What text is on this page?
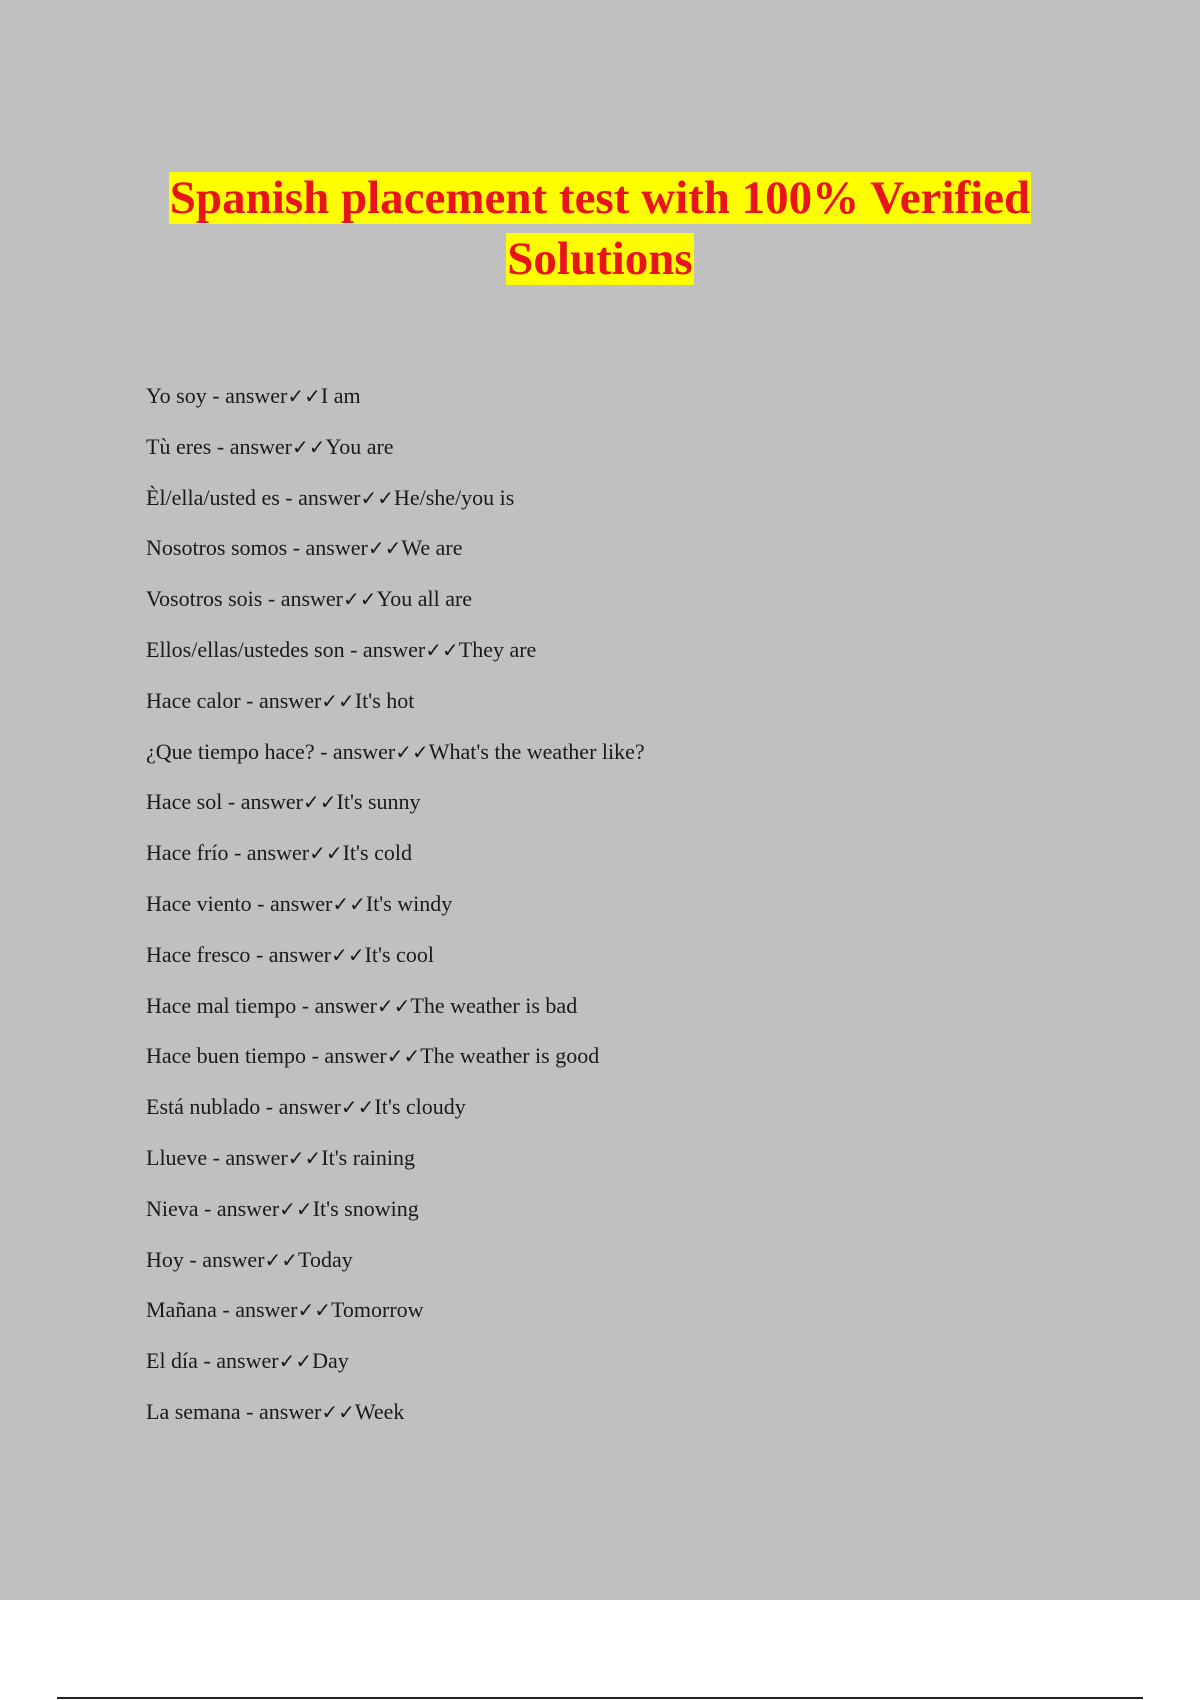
Spanish placement test with 100% Verified
Solutions
Yo soy - answer✓✓I am
Tù eres - answer✓✓You are
Èl/ella/usted es - answer✓✓He/she/you is
Nosotros somos - answer✓✓We are
Vosotros sois - answer✓✓You all are
Ellos/ellas/ustedes son - answer✓✓They are
Hace calor - answer✓✓It's hot
¿Que tiempo hace? - answer✓✓What's the weather like?
Hace sol - answer✓✓It's sunny
Hace frío - answer✓✓It's cold
Hace viento - answer✓✓It's windy
Hace fresco - answer✓✓It's cool
Hace mal tiempo - answer✓✓The weather is bad
Hace buen tiempo - answer✓✓The weather is good
Está nublado - answer✓✓It's cloudy
Llueve - answer✓✓It's raining
Nieva - answer✓✓It's snowing
Hoy - answer✓✓Today
Mañana - answer✓✓Tomorrow
El día - answer✓✓Day
La semana - answer✓✓Week
